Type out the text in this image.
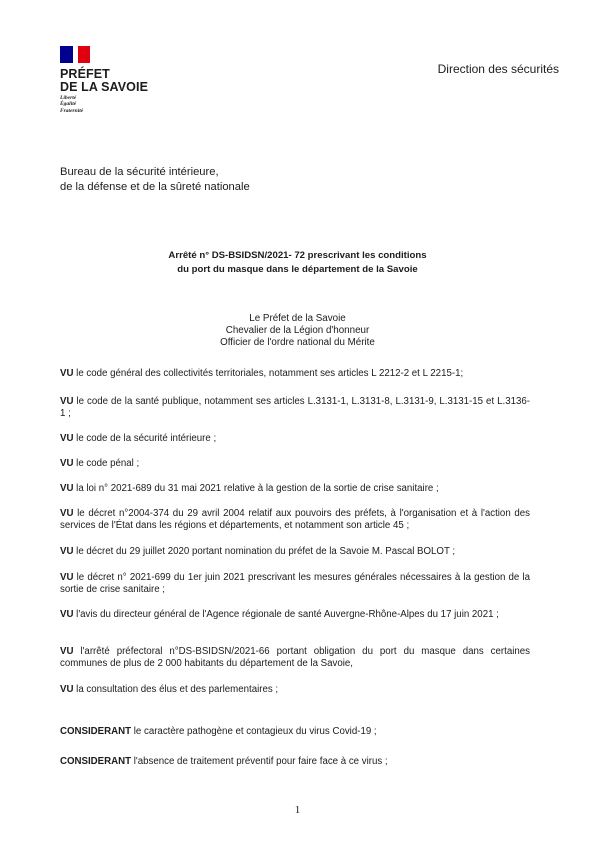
PRÉFET
DE LA SAVOIE
Liberté
Égalité
Fraternité
Direction des sécurités
Bureau de la sécurité intérieure,
de la défense et de la sûreté nationale
Arrêté n° DS-BSIDSN/2021- 72 prescrivant les conditions
du port du masque dans le département de la Savoie
Le Préfet de la Savoie
Chevalier de la Légion d'honneur
Officier de l'ordre national du Mérite
VU le code général des collectivités territoriales, notamment ses articles L 2212-2 et L 2215-1;
VU le code de la santé publique, notamment ses articles L.3131-1, L.3131-8, L.3131-9, L.3131-15 et L.3136-1 ;
VU le code de la sécurité intérieure ;
VU le code pénal ;
VU la loi n° 2021-689 du 31 mai 2021 relative à la gestion de la sortie de crise sanitaire ;
VU le décret n°2004-374 du 29 avril 2004 relatif aux pouvoirs des préfets, à l'organisation et à l'action des services de l'État dans les régions et départements, et notamment son article 45 ;
VU le décret du 29 juillet 2020 portant nomination du préfet de la Savoie M. Pascal BOLOT ;
VU le décret n° 2021-699 du 1er juin 2021 prescrivant les mesures générales nécessaires à la gestion de la sortie de crise sanitaire ;
VU l'avis du directeur général de l'Agence régionale de santé Auvergne-Rhône-Alpes du 17 juin 2021 ;
VU l'arrêté préfectoral n°DS-BSIDSN/2021-66 portant obligation du port du masque dans certaines communes de plus de 2 000 habitants du département de la Savoie,
VU la consultation des élus et des parlementaires ;
CONSIDERANT le caractère pathogène et contagieux du virus Covid-19 ;
CONSIDERANT l'absence de traitement préventif pour faire face à ce virus ;
1
